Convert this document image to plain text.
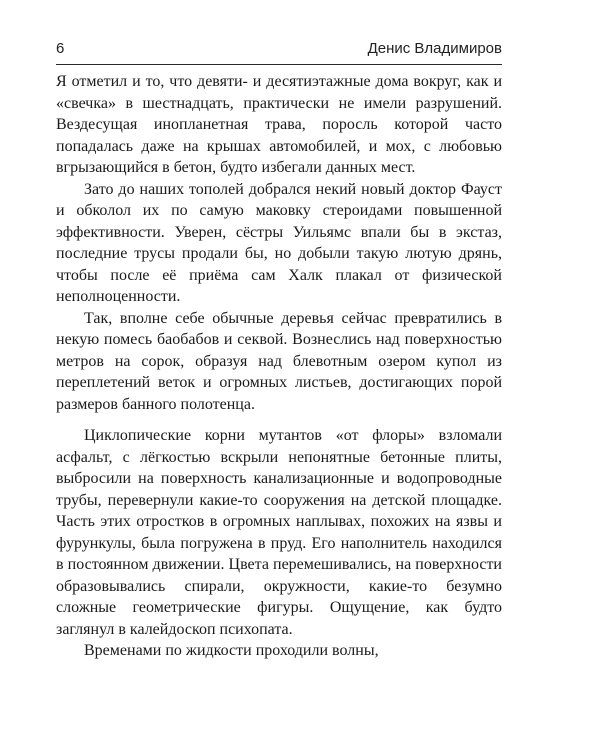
6	Денис Владимиров

Я отметил и то, что девяти- и десятиэтажные дома вокруг, как и «свечка» в шестнадцать, практически не имели разрушений. Вездесущая инопланетная трава, поросль которой часто попадалась даже на крышах автомобилей, и мох, с любовью вгрызающийся в бетон, будто избегали данных мест.

Зато до наших тополей добрался некий новый доктор Фауст и обколол их по самую маковку стероидами повышенной эффективности. Уверен, сёстры Уильямс впали бы в экстаз, последние трусы продали бы, но добыли такую лютую дрянь, чтобы после её приёма сам Халк плакал от физической неполноценности.

Так, вполне себе обычные деревья сейчас превратились в некую помесь баобабов и секвой. Вознеслись над поверхностью метров на сорок, образуя над блевотным озером купол из переплетений веток и огромных листьев, достигающих порой размеров банного полотенца.

Циклопические корни мутантов «от флоры» взломали асфальт, с лёгкостью вскрыли непонятные бетонные плиты, выбросили на поверхность канализационные и водопроводные трубы, перевернули какие-то сооружения на детской площадке. Часть этих отростков в огромных наплывах, похожих на язвы и фурункулы, была погружена в пруд. Его наполнитель находился в постоянном движении. Цвета перемешивались, на поверхности образовывались спирали, окружности, какие-то безумно сложные геометрические фигуры. Ощущение, как будто заглянул в калейдоскоп психопата.

Временами по жидкости проходили волны,
